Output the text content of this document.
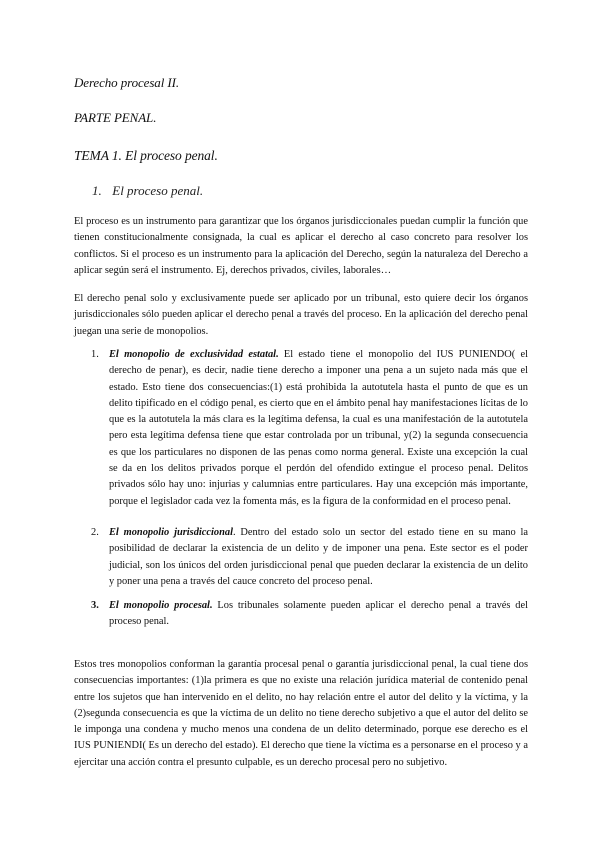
Derecho procesal II.
PARTE PENAL.
TEMA 1. El proceso penal.
1. El proceso penal.

El proceso es un instrumento para garantizar que los órganos jurisdiccionales puedan cumplir la función que tienen constitucionalmente consignada, la cual es aplicar el derecho al caso concreto para resolver los conflictos. Si el proceso es un instrumento para la aplicación del Derecho, según la naturaleza del Derecho a aplicar según será el instrumento. Ej, derechos privados, civiles, laborales…

El derecho penal solo y exclusivamente puede ser aplicado por un tribunal, esto quiere decir los órganos jurisdiccionales sólo pueden aplicar el derecho penal a través del proceso. En la aplicación del derecho penal juegan una serie de monopolios.

1. El monopolio de exclusividad estatal. El estado tiene el monopolio del IUS PUNIENDO( el derecho de penar), es decir, nadie tiene derecho a imponer una pena a un sujeto nada más que el estado. Esto tiene dos consecuencias:(1) está prohibida la autotutela hasta el punto de que es un delito tipificado en el código penal, es cierto que en el ámbito penal hay manifestaciones lícitas de lo que es la autotutela la más clara es la legítima defensa, la cual es una manifestación de la autotutela pero esta legítima defensa tiene que estar controlada por un tribunal, y(2) la segunda consecuencia es que los particulares no disponen de las penas como norma general. Existe una excepción la cual se da en los delitos privados porque el perdón del ofendido extingue el proceso penal. Delitos privados sólo hay uno: injurias y calumnias entre particulares. Hay una excepción más importante, porque el legislador cada vez la fomenta más, es la figura de la conformidad en el proceso penal.
2. El monopolio jurisdiccional. Dentro del estado solo un sector del estado tiene en su mano la posibilidad de declarar la existencia de un delito y de imponer una pena. Este sector es el poder judicial, son los únicos del orden jurisdiccional penal que pueden declarar la existencia de un delito y poner una pena a través del cauce concreto del proceso penal.
3. El monopolio procesal. Los tribunales solamente pueden aplicar el derecho penal a través del proceso penal.

Estos tres monopolios conforman la garantía procesal penal o garantía jurisdiccional penal, la cual tiene dos consecuencias importantes: (1)la primera es que no existe una relación jurídica material de contenido penal entre los sujetos que han intervenido en el delito, no hay relación entre el autor del delito y la víctima, y la (2)segunda consecuencia es que la víctima de un delito no tiene derecho subjetivo a que el autor del delito se le imponga una condena y mucho menos una condena de un delito determinado, porque ese derecho es el IUS PUNIENDI( Es un derecho del estado). El derecho que tiene la víctima es a personarse en el proceso y a ejercitar una acción contra el presunto culpable, es un derecho procesal pero no subjetivo.
